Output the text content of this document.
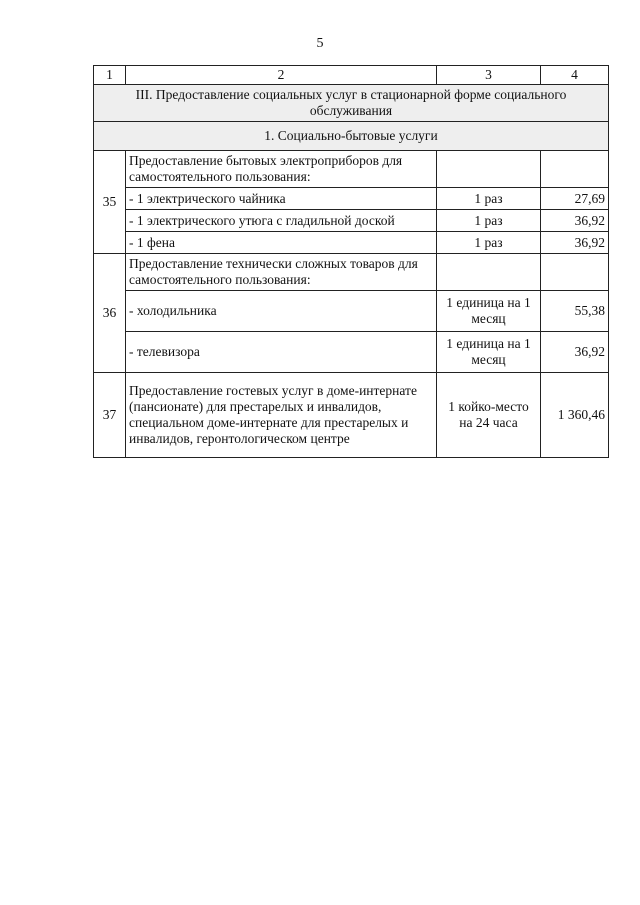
5
1	2	3	4
III. Предоставление социальных услуг в стационарной форме социального обслуживания			
1. Социально-бытовые услуги			
35	Предоставление бытовых электроприборов для самостоятельного пользования:		
	- 1 электрического чайника	1 раз	27,69
	- 1 электрического утюга с гладильной доской	1 раз	36,92
	- 1 фена	1 раз	36,92
36	Предоставление технически сложных товаров для самостоятельного пользования:		
	- холодильника	1 единица на 1 месяц	55,38
	- телевизора	1 единица на 1 месяц	36,92
37	Предоставление гостевых услуг в доме-интернате (пансионате) для престарелых и инвалидов, специальном доме-интернате для престарелых и инвалидов, геронтологическом центре	1 койко-место на 24 часа	1 360,46
